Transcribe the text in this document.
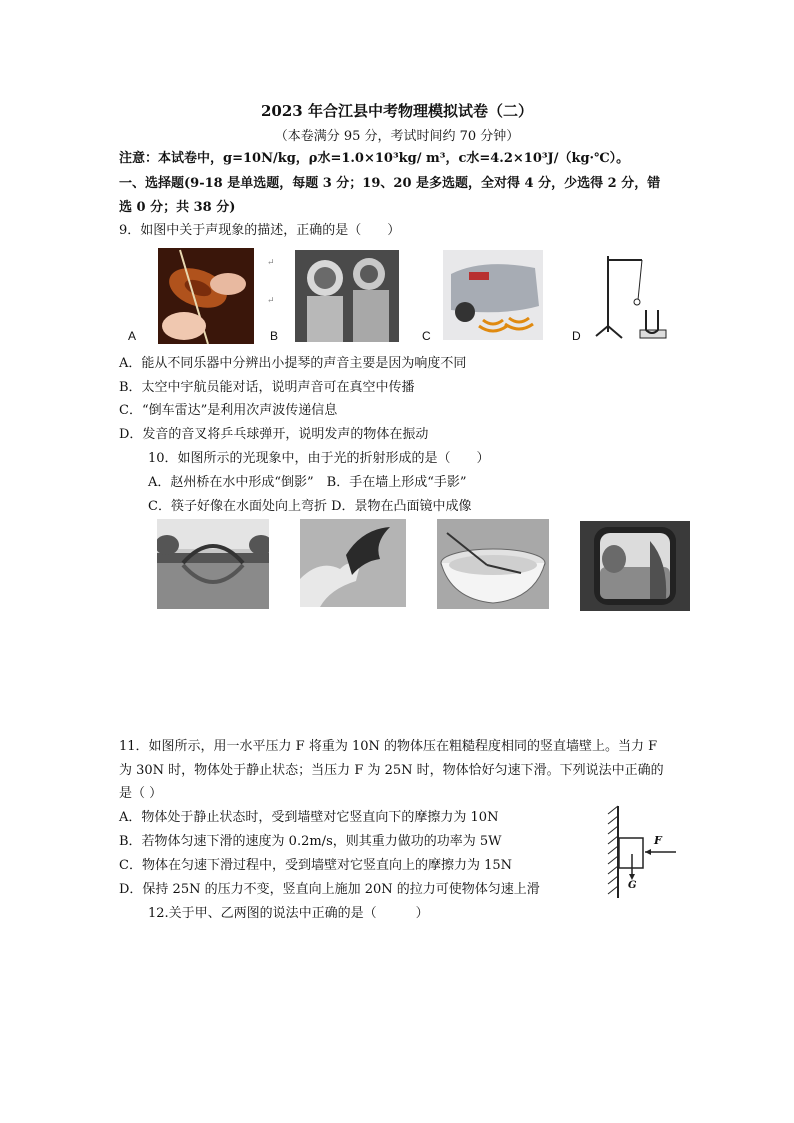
2023 年合江县中考物理模拟试卷（二）
（本卷满分 95 分，考试时间约 70 分钟）
注意：本试卷中，g=10N/kg，ρ水=1.0×10³kg/ m³，c水=4.2×10³J/（kg·℃）。
一、选择题(9-18 是单选题，每题 3 分；19、20 是多选题，全对得 4 分，少选得 2 分，错
选 0 分；共 38 分)
9．如图中关于声现象的描述，正确的是（　　）
A
↵
↵
B	C	D
A．能从不同乐器中分辨出小提琴的声音主要是因为响度不同
B．太空中宇航员能对话，说明声音可在真空中传播
C．“倒车雷达”是利用次声波传递信息
D．发音的音叉将乒乓球弹开，说明发声的物体在振动
10．如图所示的光现象中，由于光的折射形成的是（　　）
A．赵州桥在水中形成“倒影”　B．手在墙上形成“手影”
C．筷子好像在水面处向上弯折 D．景物在凸面镜中成像
11．如图所示，用一水平压力 F 将重为 10N 的物体压在粗糙程度相同的竖直墙壁上。当力 F
为 30N 时，物体处于静止状态；当压力 F 为 25N 时，物体恰好匀速下滑。下列说法中正确的
是（ ）
A．物体处于静止状态时，受到墙壁对它竖直向下的摩擦力为 10N
B．若物体匀速下滑的速度为 0.2m/s，则其重力做功的功率为 5W
C．物体在匀速下滑过程中，受到墙壁对它竖直向上的摩擦力为 15N
D．保持 25N 的压力不变，竖直向上施加 20N 的拉力可使物体匀速上滑
F
G
12.关于甲、乙两图的说法中正确的是（　　　）
